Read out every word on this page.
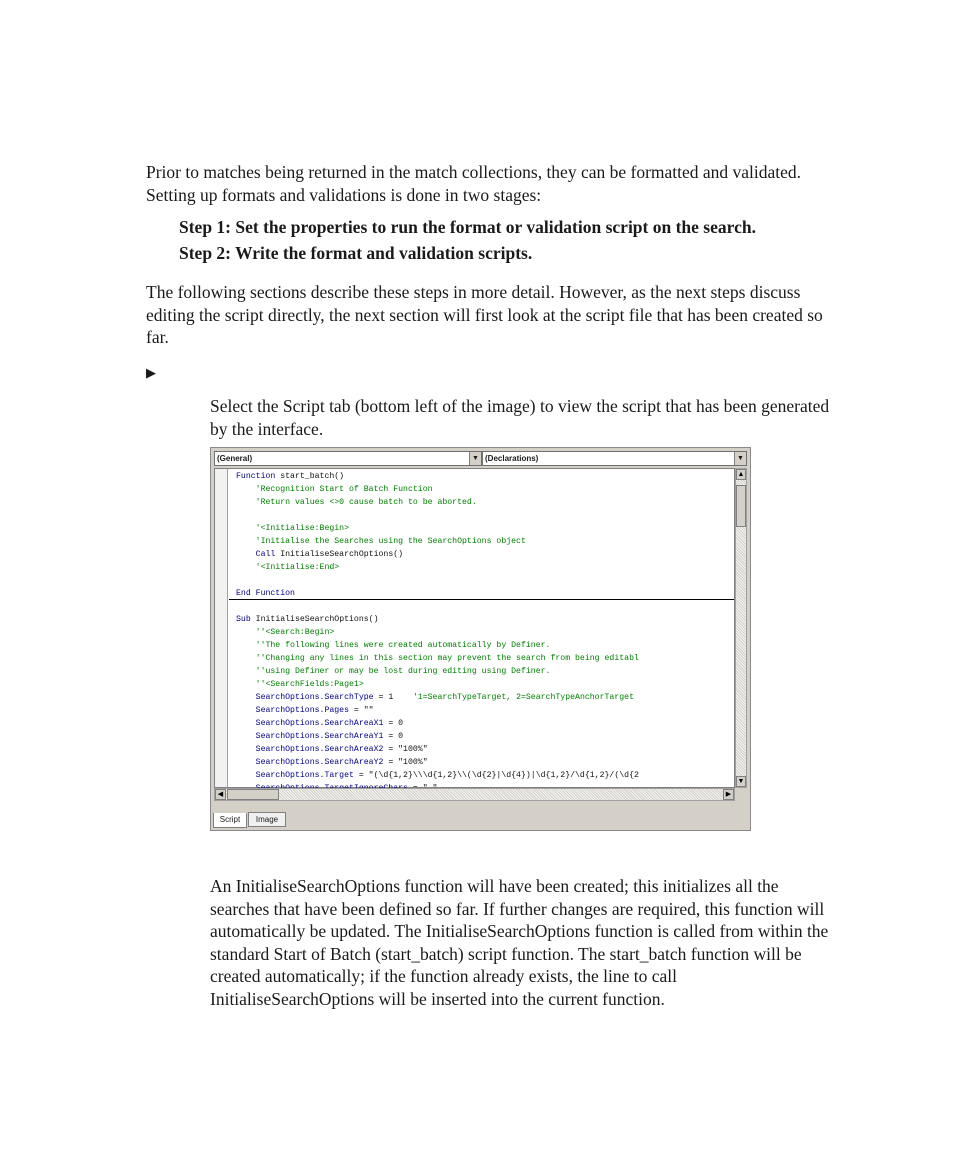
Prior to matches being returned in the match collections, they can be formatted and validated. Setting up formats and validations is done in two stages:

Step 1: Set the properties to run the format or validation script on the search.

Step 2: Write the format and validation scripts.

The following sections describe these steps in more detail. However, as the next steps discuss editing the script directly, the next section will first look at the script file that has been created so far.

▶

Select the Script tab (bottom left of the image) to view the script that has been generated by the interface.

(General)	▼ (Declarations)	▼
Function start_batch()
'Recognition Start of Batch Function
'Return values <>0 cause batch to be aborted.
'<Initialise:Begin>
'Initialise the Searches using the SearchOptions object
Call InitialiseSearchOptions()
'<Initialise:End>
End Function
Sub InitialiseSearchOptions()
''<Search:Begin>
''The following lines were created automatically by Definer.
''Changing any lines in this section may prevent the search from being editabl
''using Definer or may be lost during editing using Definer.
''<SearchFields:Page1>
SearchOptions.SearchType = 1    '1=SearchTypeTarget, 2=SearchTypeAnchorTarget
SearchOptions.Pages = ""
SearchOptions.SearchAreaX1 = 0
SearchOptions.SearchAreaY1 = 0
SearchOptions.SearchAreaX2 = "100%"
SearchOptions.SearchAreaY2 = "100%"
SearchOptions.Target = "(\d{1,2}\\\d{1,2}\\(\d{2}|\d{4})|\d{1,2}/\d{1,2}/(\d{2
▲
▼
◀	▶
Script	Image

An InitialiseSearchOptions function will have been created; this initializes all the searches that have been defined so far. If further changes are required, this function will automatically be updated. The InitialiseSearchOptions function is called from within the standard Start of Batch (start_batch) script function. The start_batch function will be created automatically; if the function already exists, the line to call InitialiseSearchOptions will be inserted into the current function.
